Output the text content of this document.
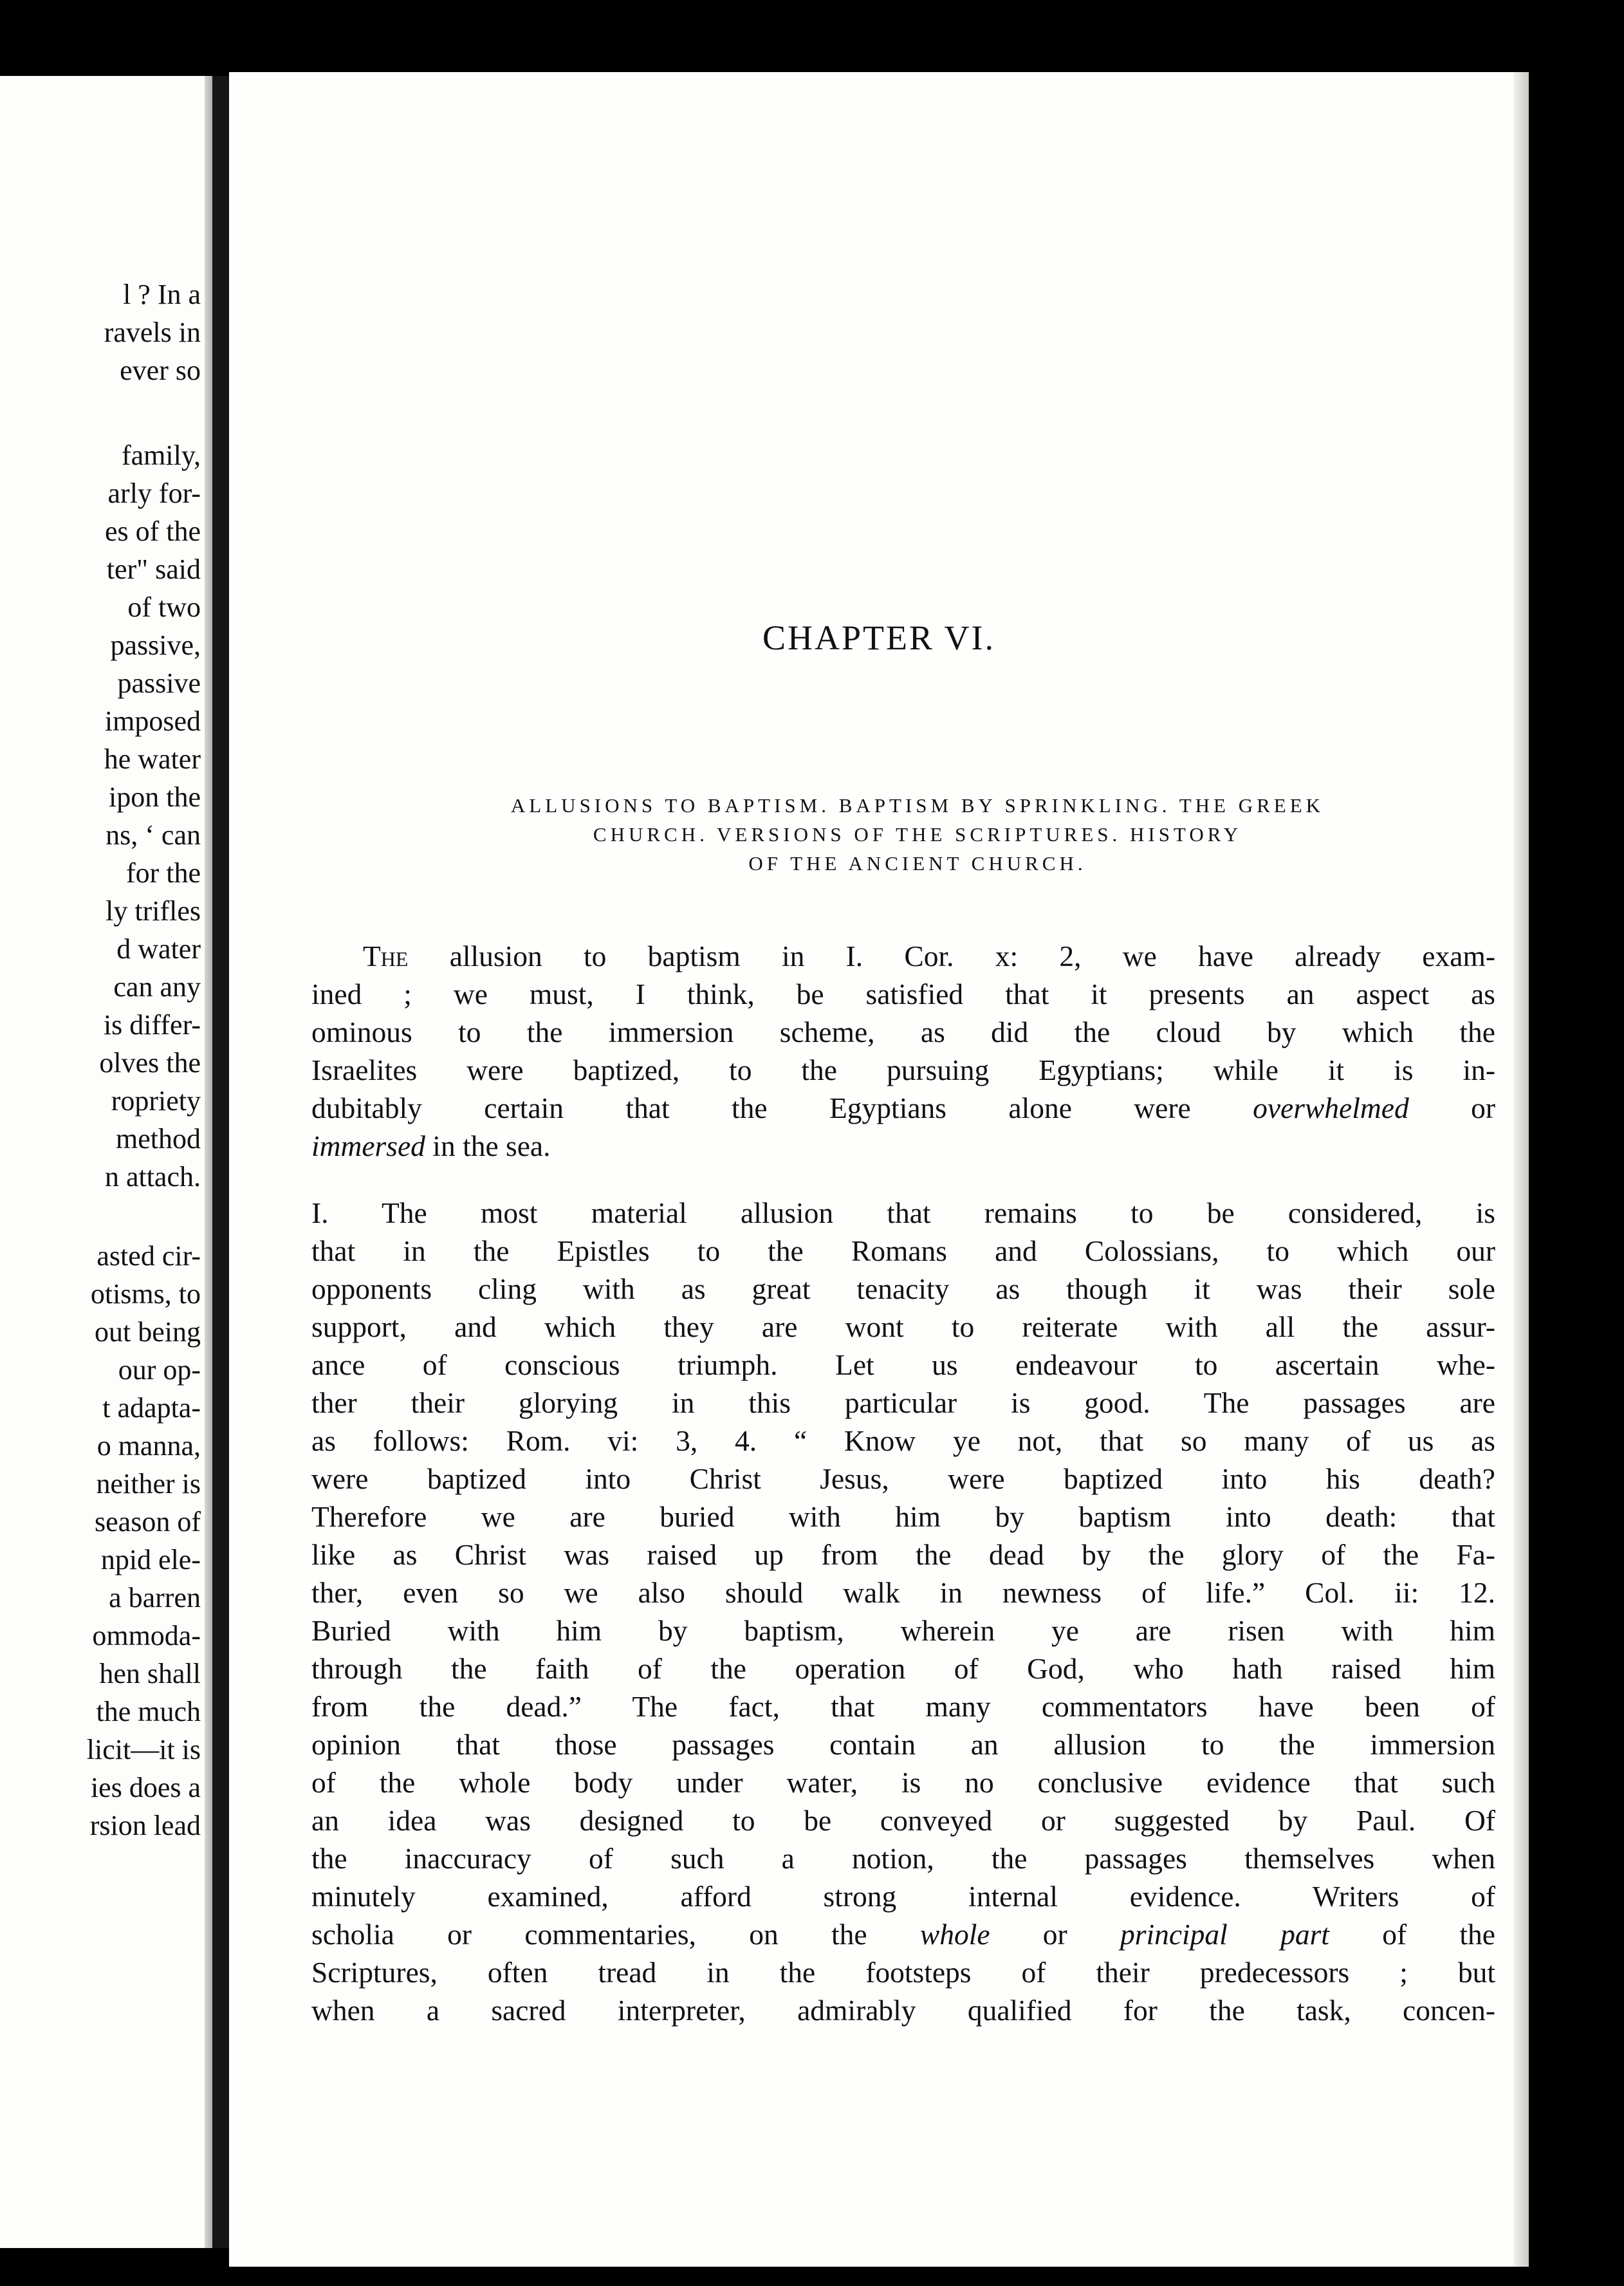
l ? In a
ravels in
ever so
family,
arly for-
es of the
ter" said
of two
passive,
passive
imposed
he water
ipon the
ns, ‘ can
for the
ly trifles
d water
can any
is differ-
olves the
ropriety
method
n attach.
asted cir-
otisms, to
out being
our op-
t adapta-
o manna,
neither is
season of
npid ele-
a barren
ommoda-
hen shall
the much
licit—it is
ies does a
rsion lead
CHAPTER VI.
ALLUSIONS TO BAPTISM. BAPTISM BY SPRINKLING. THE GREEK
CHURCH. VERSIONS OF THE SCRIPTURES. HISTORY
OF THE ANCIENT CHURCH.

The allusion to baptism in I. Cor. x: 2, we have already exam-

ined ; we must, I think, be satisfied that it presents an aspect as

ominous to the immersion scheme, as did the cloud by which the

Israelites were baptized, to the pursuing Egyptians; while it is in-

dubitably certain that the Egyptians alone were overwhelmed or

immersed in the sea.

I. The most material allusion that remains to be considered, is

that in the Epistles to the Romans and Colossians, to which our

opponents cling with as great tenacity as though it was their sole

support, and which they are wont to reiterate with all the assur-

ance of conscious triumph. Let us endeavour to ascertain whe-

ther their glorying in this particular is good. The passages are

as follows: Rom. vi: 3, 4. “ Know ye not, that so many of us as

were baptized into Christ Jesus, were baptized into his death?

Therefore we are buried with him by baptism into death: that

like as Christ was raised up from the dead by the glory of the Fa-

ther, even so we also should walk in newness of life.” Col. ii: 12.

Buried with him by baptism, wherein ye are risen with him

through the faith of the operation of God, who hath raised him

from the dead.” The fact, that many commentators have been of

opinion that those passages contain an allusion to the immersion

of the whole body under water, is no conclusive evidence that such

an idea was designed to be conveyed or suggested by Paul. Of

the inaccuracy of such a notion, the passages themselves when

minutely examined, afford strong internal evidence. Writers of

scholia or commentaries, on the whole or principal part of the

Scriptures, often tread in the footsteps of their predecessors ; but

when a sacred interpreter, admirably qualified for the task, concen-
